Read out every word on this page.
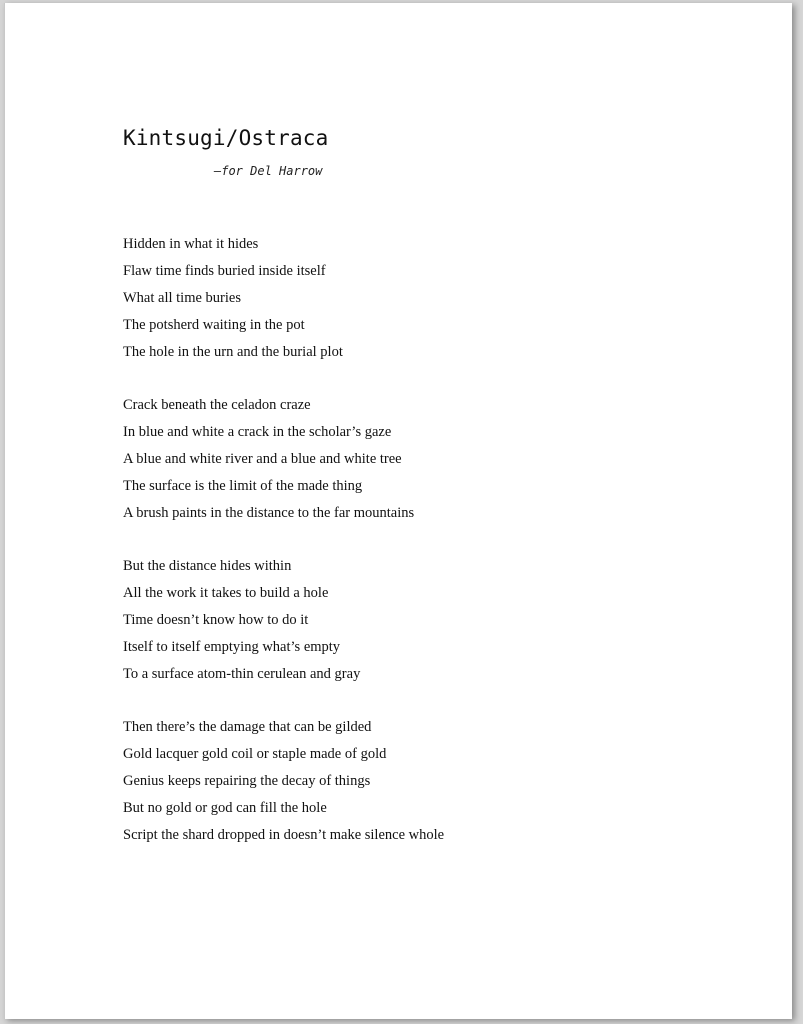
Kintsugi/Ostraca

—for Del Harrow

Hidden in what it hides
Flaw time finds buried inside itself
What all time buries
The potsherd waiting in the pot
The hole in the urn and the burial plot
Crack beneath the celadon craze
In blue and white a crack in the scholar’s gaze
A blue and white river and a blue and white tree
The surface is the limit of the made thing
A brush paints in the distance to the far mountains
But the distance hides within
All the work it takes to build a hole
Time doesn’t know how to do it
Itself to itself emptying what’s empty
To a surface atom-thin cerulean and gray
Then there’s the damage that can be gilded
Gold lacquer gold coil or staple made of gold
Genius keeps repairing the decay of things
But no gold or god can fill the hole
Script the shard dropped in doesn’t make silence whole
